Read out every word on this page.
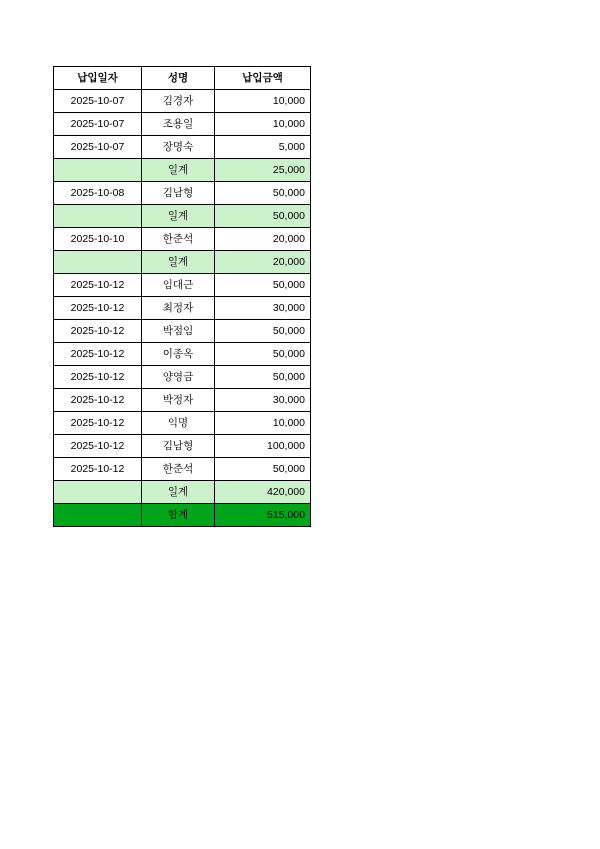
납입일자	성명	납입금액
2025-10-07	김경자	10,000
2025-10-07	조용일	10,000
2025-10-07	장명숙	5,000
	일계	25,000
2025-10-08	김남형	50,000
	일계	50,000
2025-10-10	한준석	20,000
	일계	20,000
2025-10-12	임대근	50,000
2025-10-12	최정자	30,000
2025-10-12	박점임	50,000
2025-10-12	이종옥	50,000
2025-10-12	양영금	50,000
2025-10-12	박정자	30,000
2025-10-12	익명	10,000
2025-10-12	김남형	100,000
2025-10-12	한준석	50,000
	일계	420,000
	합계	515,000
